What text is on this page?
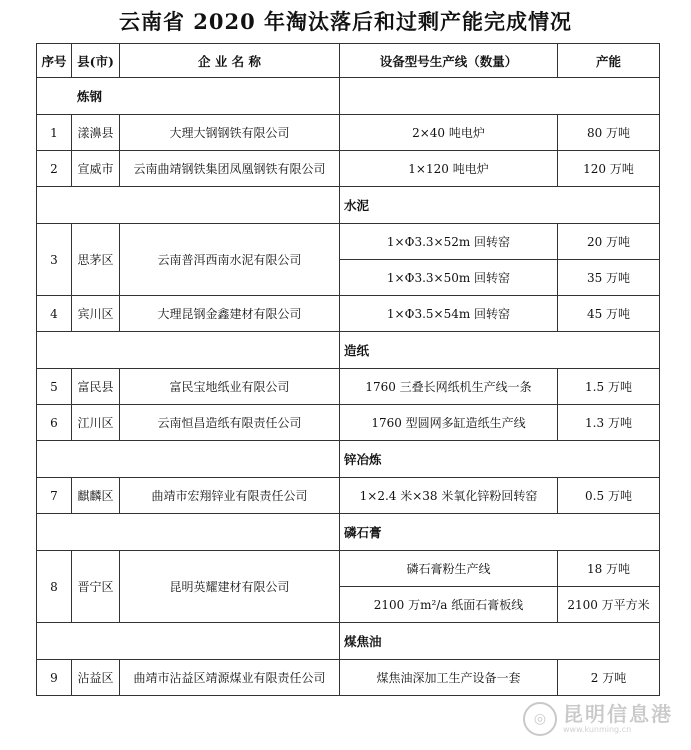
云南省 2020 年淘汰落后和过剩产能完成情况
序号	县(市)	企 业 名 称	设备型号生产线（数量）	产能
炼钢				
1	漾濞县	大理大钢钢铁有限公司	2×40 吨电炉	80 万吨
2	宣威市	云南曲靖钢铁集团凤凰钢铁有限公司	1×120 吨电炉	120 万吨
			水泥	
3	思茅区	云南普洱西南水泥有限公司	1×Φ3.3×52m 回转窑	20 万吨
			1×Φ3.3×50m 回转窑	35 万吨
4	宾川区	大理昆钢金鑫建材有限公司	1×Φ3.5×54m 回转窑	45 万吨
			造纸	
5	富民县	富民宝地纸业有限公司	1760 三叠长网纸机生产线一条	1.5 万吨
6	江川区	云南恒昌造纸有限责任公司	1760 型圆网多缸造纸生产线	1.3 万吨
			锌冶炼	
7	麒麟区	曲靖市宏翔锌业有限责任公司	1×2.4 米×38 米氧化锌粉回转窑	0.5 万吨
			磷石膏	
8	晋宁区	昆明英耀建材有限公司	磷石膏粉生产线	18 万吨
			2100 万m²/a 纸面石膏板线	2100 万平方米
			煤焦油	
9	沾益区	曲靖市沾益区靖源煤业有限责任公司	煤焦油深加工生产设备一套	2 万吨
◎ 昆明信息港
www.kunming.cn
